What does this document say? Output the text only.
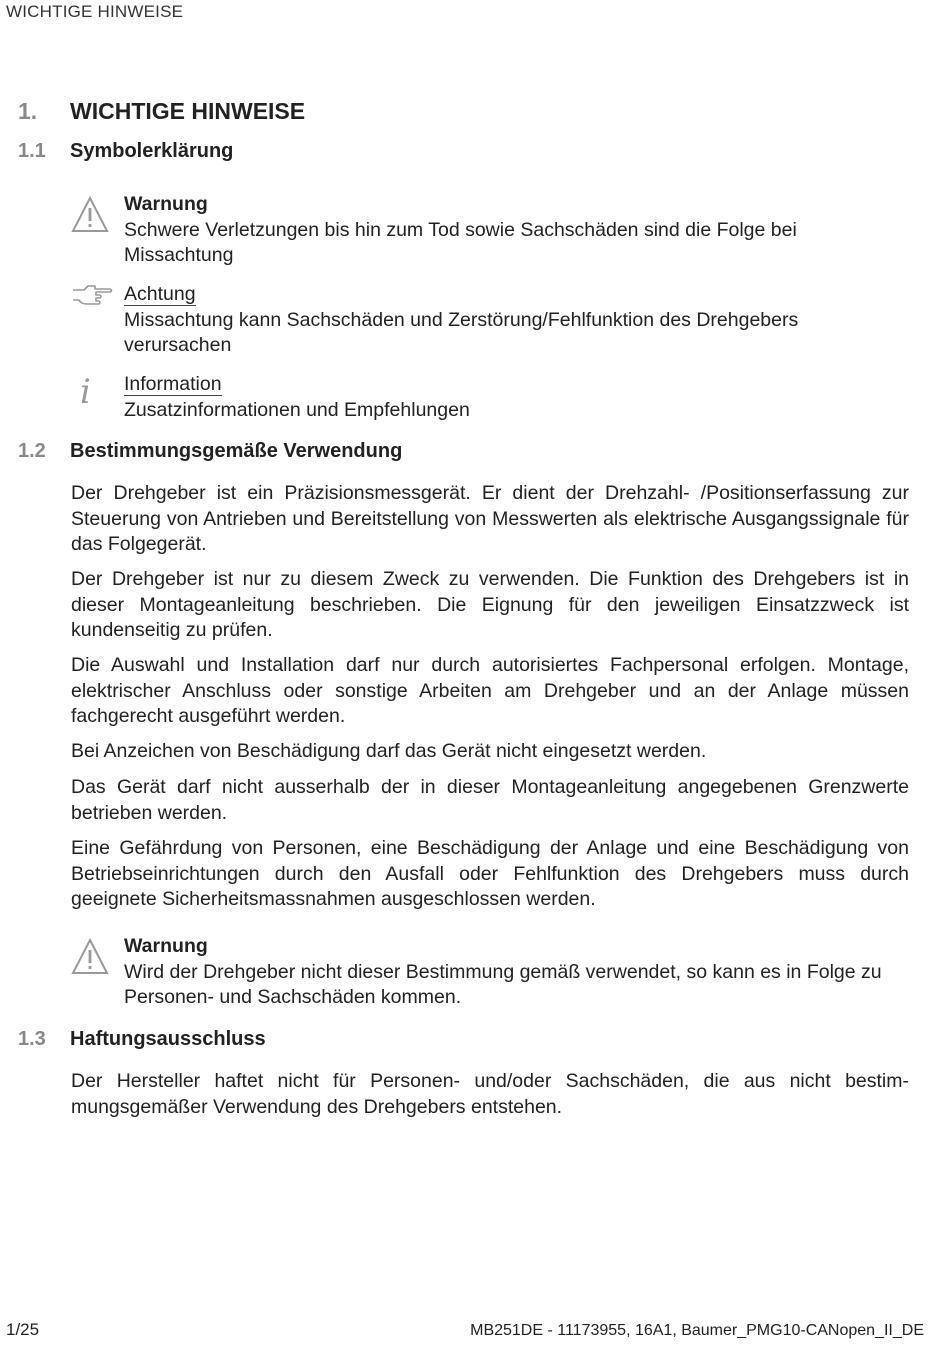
WICHTIGE HINWEISE
1. WICHTIGE HINWEISE
1.1 Symbolerklärung
Warnung
Schwere Verletzungen bis hin zum Tod sowie Sachschäden sind die Folge bei Missachtung
Achtung
Missachtung kann Sachschäden und Zerstörung/Fehlfunktion des Drehgebers verursachen
i Information
Zusatzinformationen und Empfehlungen
1.2 Bestimmungsgemäße Verwendung
Der Drehgeber ist ein Präzisionsmessgerät. Er dient der Drehzahl- /Positionserfassung zur Steuerung von Antrieben und Bereitstellung von Messwerten als elektrische Ausgangssignale für das Folgegerät.
Der Drehgeber ist nur zu diesem Zweck zu verwenden. Die Funktion des Drehgebers ist in dieser Montageanleitung beschrieben. Die Eignung für den jeweiligen Einsatzzweck ist kundenseitig zu prüfen.
Die Auswahl und Installation darf nur durch autorisiertes Fachpersonal erfolgen. Montage, elektrischer Anschluss oder sonstige Arbeiten am Drehgeber und an der Anlage müssen fachgerecht ausgeführt werden.
Bei Anzeichen von Beschädigung darf das Gerät nicht eingesetzt werden.
Das Gerät darf nicht ausserhalb der in dieser Montageanleitung angegebenen Grenzwerte betrieben werden.
Eine Gefährdung von Personen, eine Beschädigung der Anlage und eine Beschädigung von Betriebseinrichtungen durch den Ausfall oder Fehlfunktion des Drehgebers muss durch geeignete Sicherheitsmassnahmen ausgeschlossen werden.
Warnung
Wird der Drehgeber nicht dieser Bestimmung gemäß verwendet, so kann es in Folge zu Personen- und Sachschäden kommen.
1.3 Haftungsausschluss
Der Hersteller haftet nicht für Personen- und/oder Sachschäden, die aus nicht bestimmungsgemäßer Verwendung des Drehgebers entstehen.
1/25	MB251DE - 11173955, 16A1, Baumer_PMG10-CANopen_II_DE
